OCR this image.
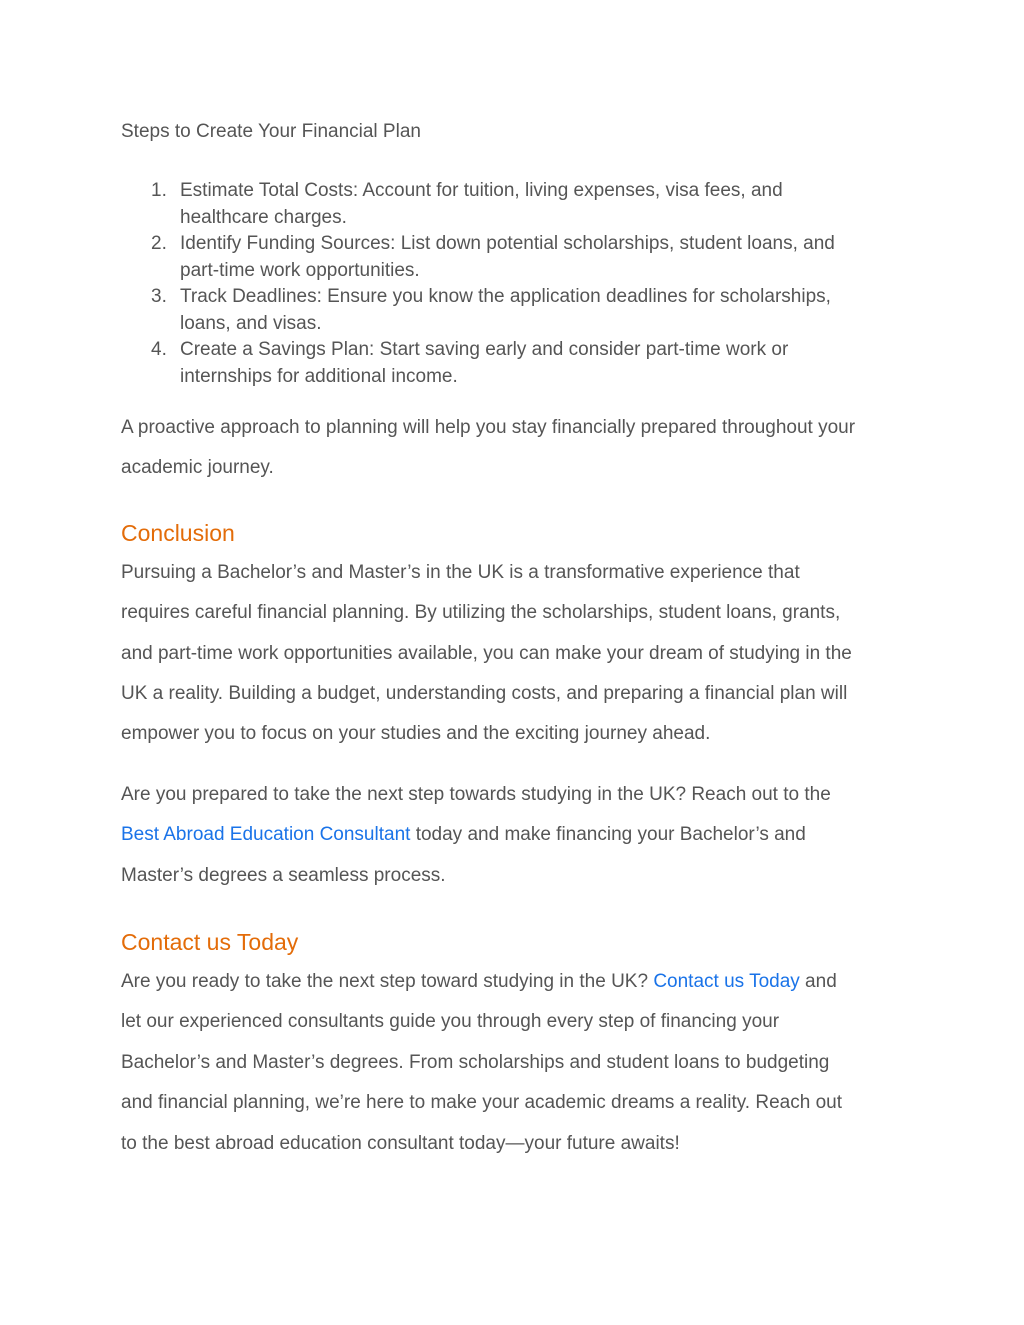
Steps to Create Your Financial Plan
1. Estimate Total Costs: Account for tuition, living expenses, visa fees, and
healthcare charges.
2. Identify Funding Sources: List down potential scholarships, student loans, and
part-time work opportunities.
3. Track Deadlines: Ensure you know the application deadlines for scholarships,
loans, and visas.
4. Create a Savings Plan: Start saving early and consider part-time work or
internships for additional income.

A proactive approach to planning will help you stay financially prepared throughout your
academic journey.

Conclusion

Pursuing a Bachelor’s and Master’s in the UK is a transformative experience that
requires careful financial planning. By utilizing the scholarships, student loans, grants,
and part-time work opportunities available, you can make your dream of studying in the
UK a reality. Building a budget, understanding costs, and preparing a financial plan will
empower you to focus on your studies and the exciting journey ahead.

Are you prepared to take the next step towards studying in the UK? Reach out to the
Best Abroad Education Consultant today and make financing your Bachelor’s and
Master’s degrees a seamless process.

Contact us Today

Are you ready to take the next step toward studying in the UK? Contact us Today and
let our experienced consultants guide you through every step of financing your
Bachelor’s and Master’s degrees. From scholarships and student loans to budgeting
and financial planning, we’re here to make your academic dreams a reality. Reach out
to the best abroad education consultant today—your future awaits!
